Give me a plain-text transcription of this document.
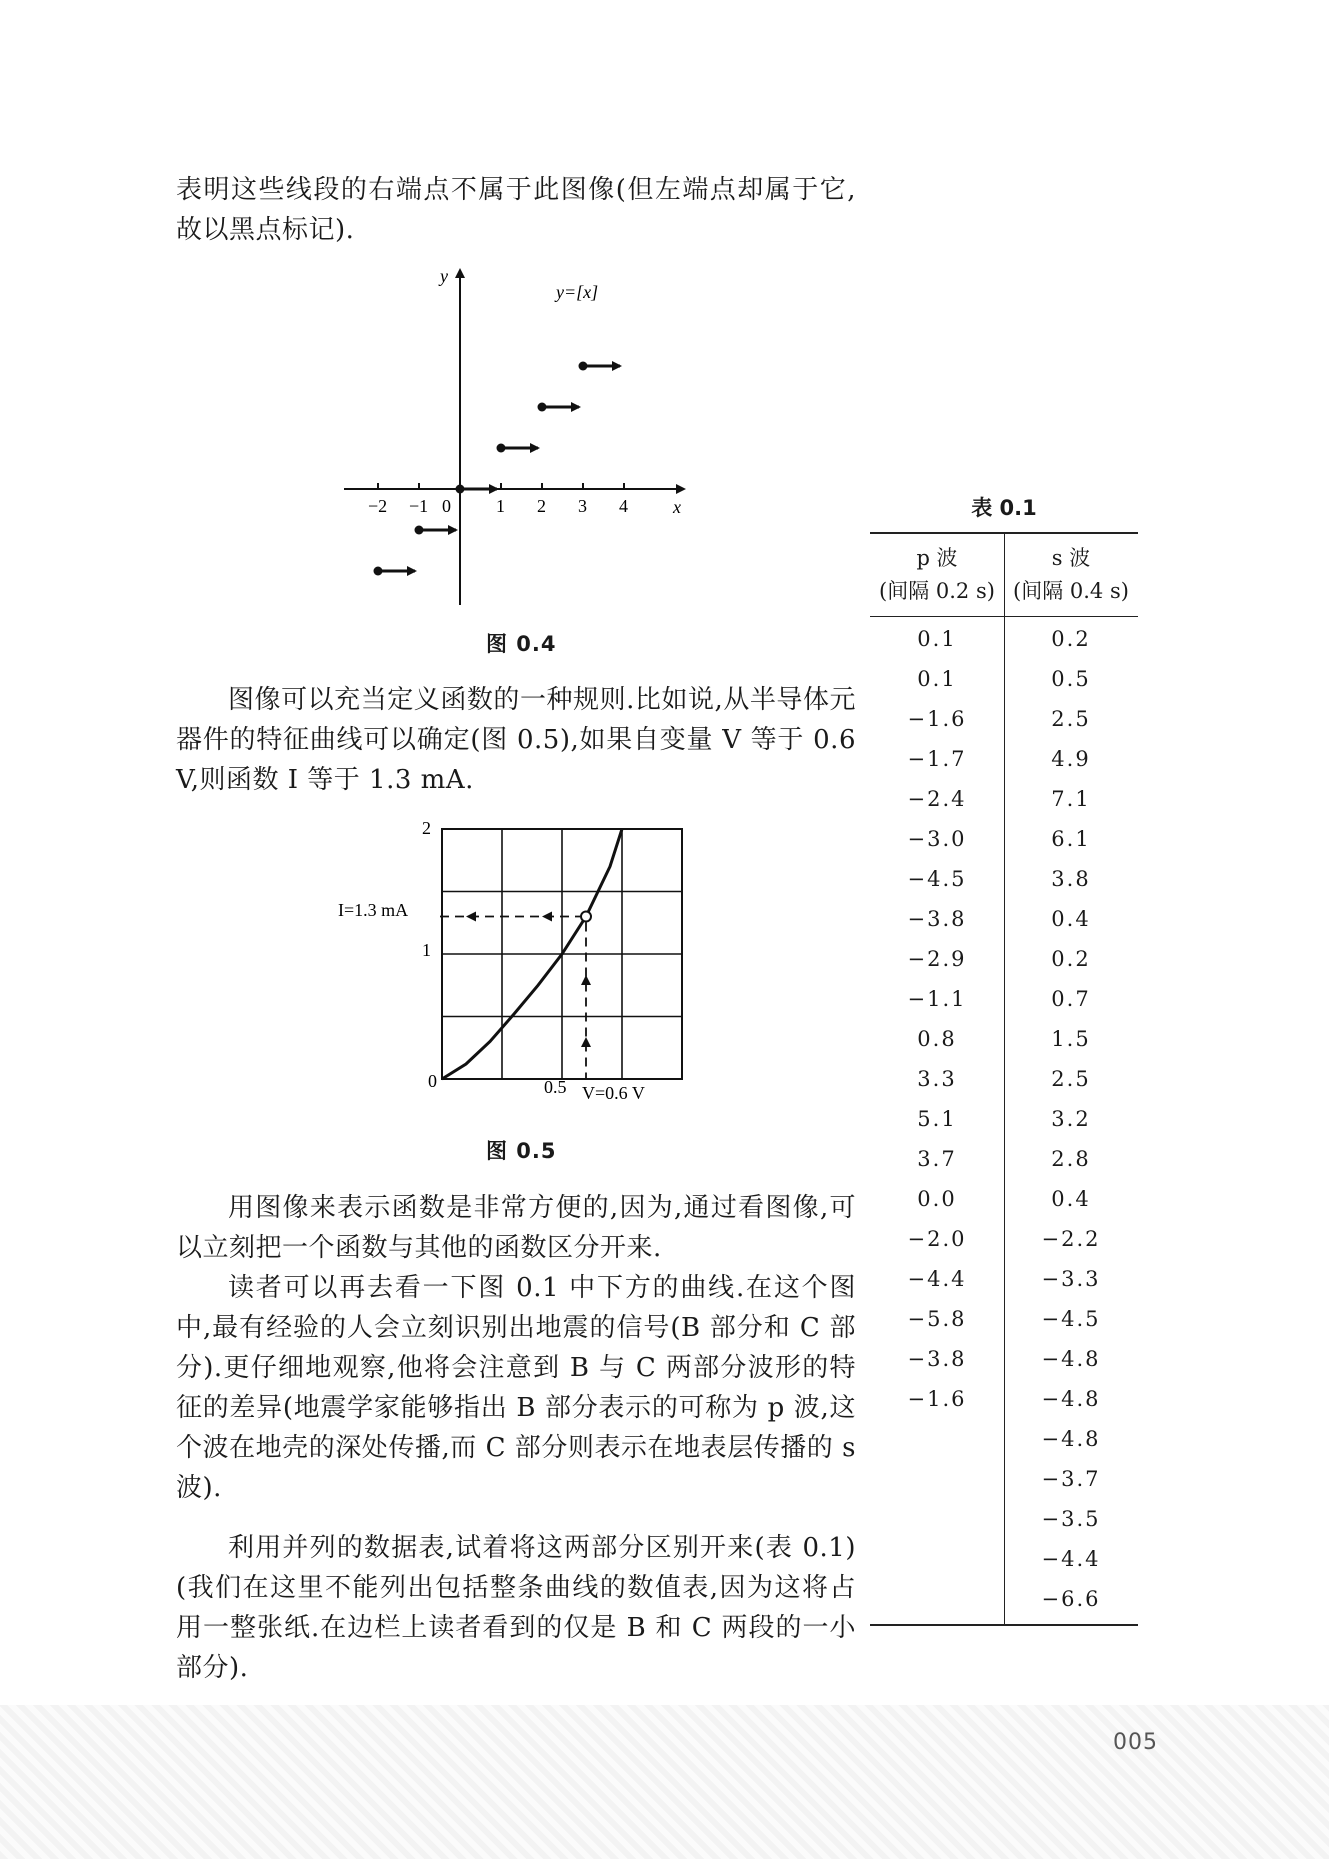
表明这些线段的右端点不属于此图像(但左端点却属于它,故以黑点标记).
y
x
y=[x]
−2 −1 0	1 2 3 4
图 0.4
图像可以充当定义函数的一种规则.比如说,从半导体元器件的特征曲线可以确定(图 0.5),如果自变量 V 等于 0.6 V,则函数 I 等于 1.3 mA.
2
1
0	0.5
I=1.3 mA
V=0.6 V
图 0.5
用图像来表示函数是非常方便的,因为,通过看图像,可以立刻把一个函数与其他的函数区分开来.
读者可以再去看一下图 0.1 中下方的曲线.在这个图中,最有经验的人会立刻识别出地震的信号(B 部分和 C 部分).更仔细地观察,他将会注意到 B 与 C 两部分波形的特征的差异(地震学家能够指出 B 部分表示的可称为 p 波,这个波在地壳的深处传播,而 C 部分则表示在地表层传播的 s 波).
利用并列的数据表,试着将这两部分区别开来(表 0.1)(我们在这里不能列出包括整条曲线的数值表,因为这将占用一整张纸.在边栏上读者看到的仅是 B 和 C 两段的一小部分).
表 0.1
p 波
(间隔 0.2 s)
s 波
(间隔 0.4 s)
0.1
0.1
−1.6
−1.7
−2.4
−3.0
−4.5
−3.8
−2.9
−1.1
0.8
3.3
5.1
3.7
0.0
−2.0
−4.4
−5.8
−3.8
−1.6
0.2
0.5
2.5
4.9
7.1
6.1
3.8
0.4
0.2
0.7
1.5
2.5
3.2
2.8
0.4
−2.2
−3.3
−4.5
−4.8
−4.8
−4.8
−3.7
−3.5
−4.4
−6.6
005
